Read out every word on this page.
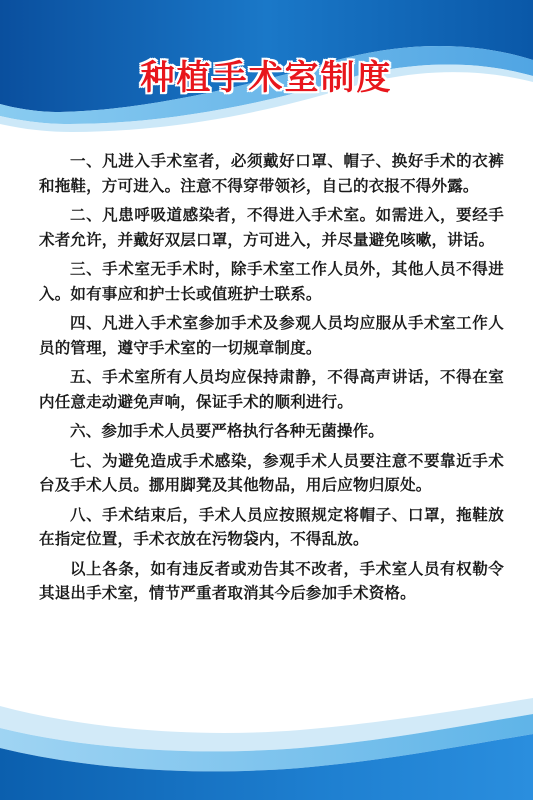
种植手术室制度

一、凡进入手术室者，必须戴好口罩、帽子、换好手术的衣裤和拖鞋，方可进入。注意不得穿带领衫，自己的衣报不得外露。

二、凡患呼吸道感染者，不得进入手术室。如需进入，要经手术者允许，并戴好双层口罩，方可进入，并尽量避免咳嗽，讲话。

三、手术室无手术时，除手术室工作人员外，其他人员不得进入。如有事应和护士长或值班护士联系。

四、凡进入手术室参加手术及参观人员均应服从手术室工作人员的管理，遵守手术室的一切规章制度。

五、手术室所有人员均应保持肃静，不得高声讲话，不得在室内任意走动避免声响，保证手术的顺利进行。

六、参加手术人员要严格执行各种无菌操作。

七、为避免造成手术感染，参观手术人员要注意不要靠近手术台及手术人员。挪用脚凳及其他物品，用后应物归原处。

八、手术结束后，手术人员应按照规定将帽子、口罩，拖鞋放在指定位置，手术衣放在污物袋内，不得乱放。

以上各条，如有违反者或劝告其不改者，手术室人员有权勒令其退出手术室，情节严重者取消其今后参加手术资格。
